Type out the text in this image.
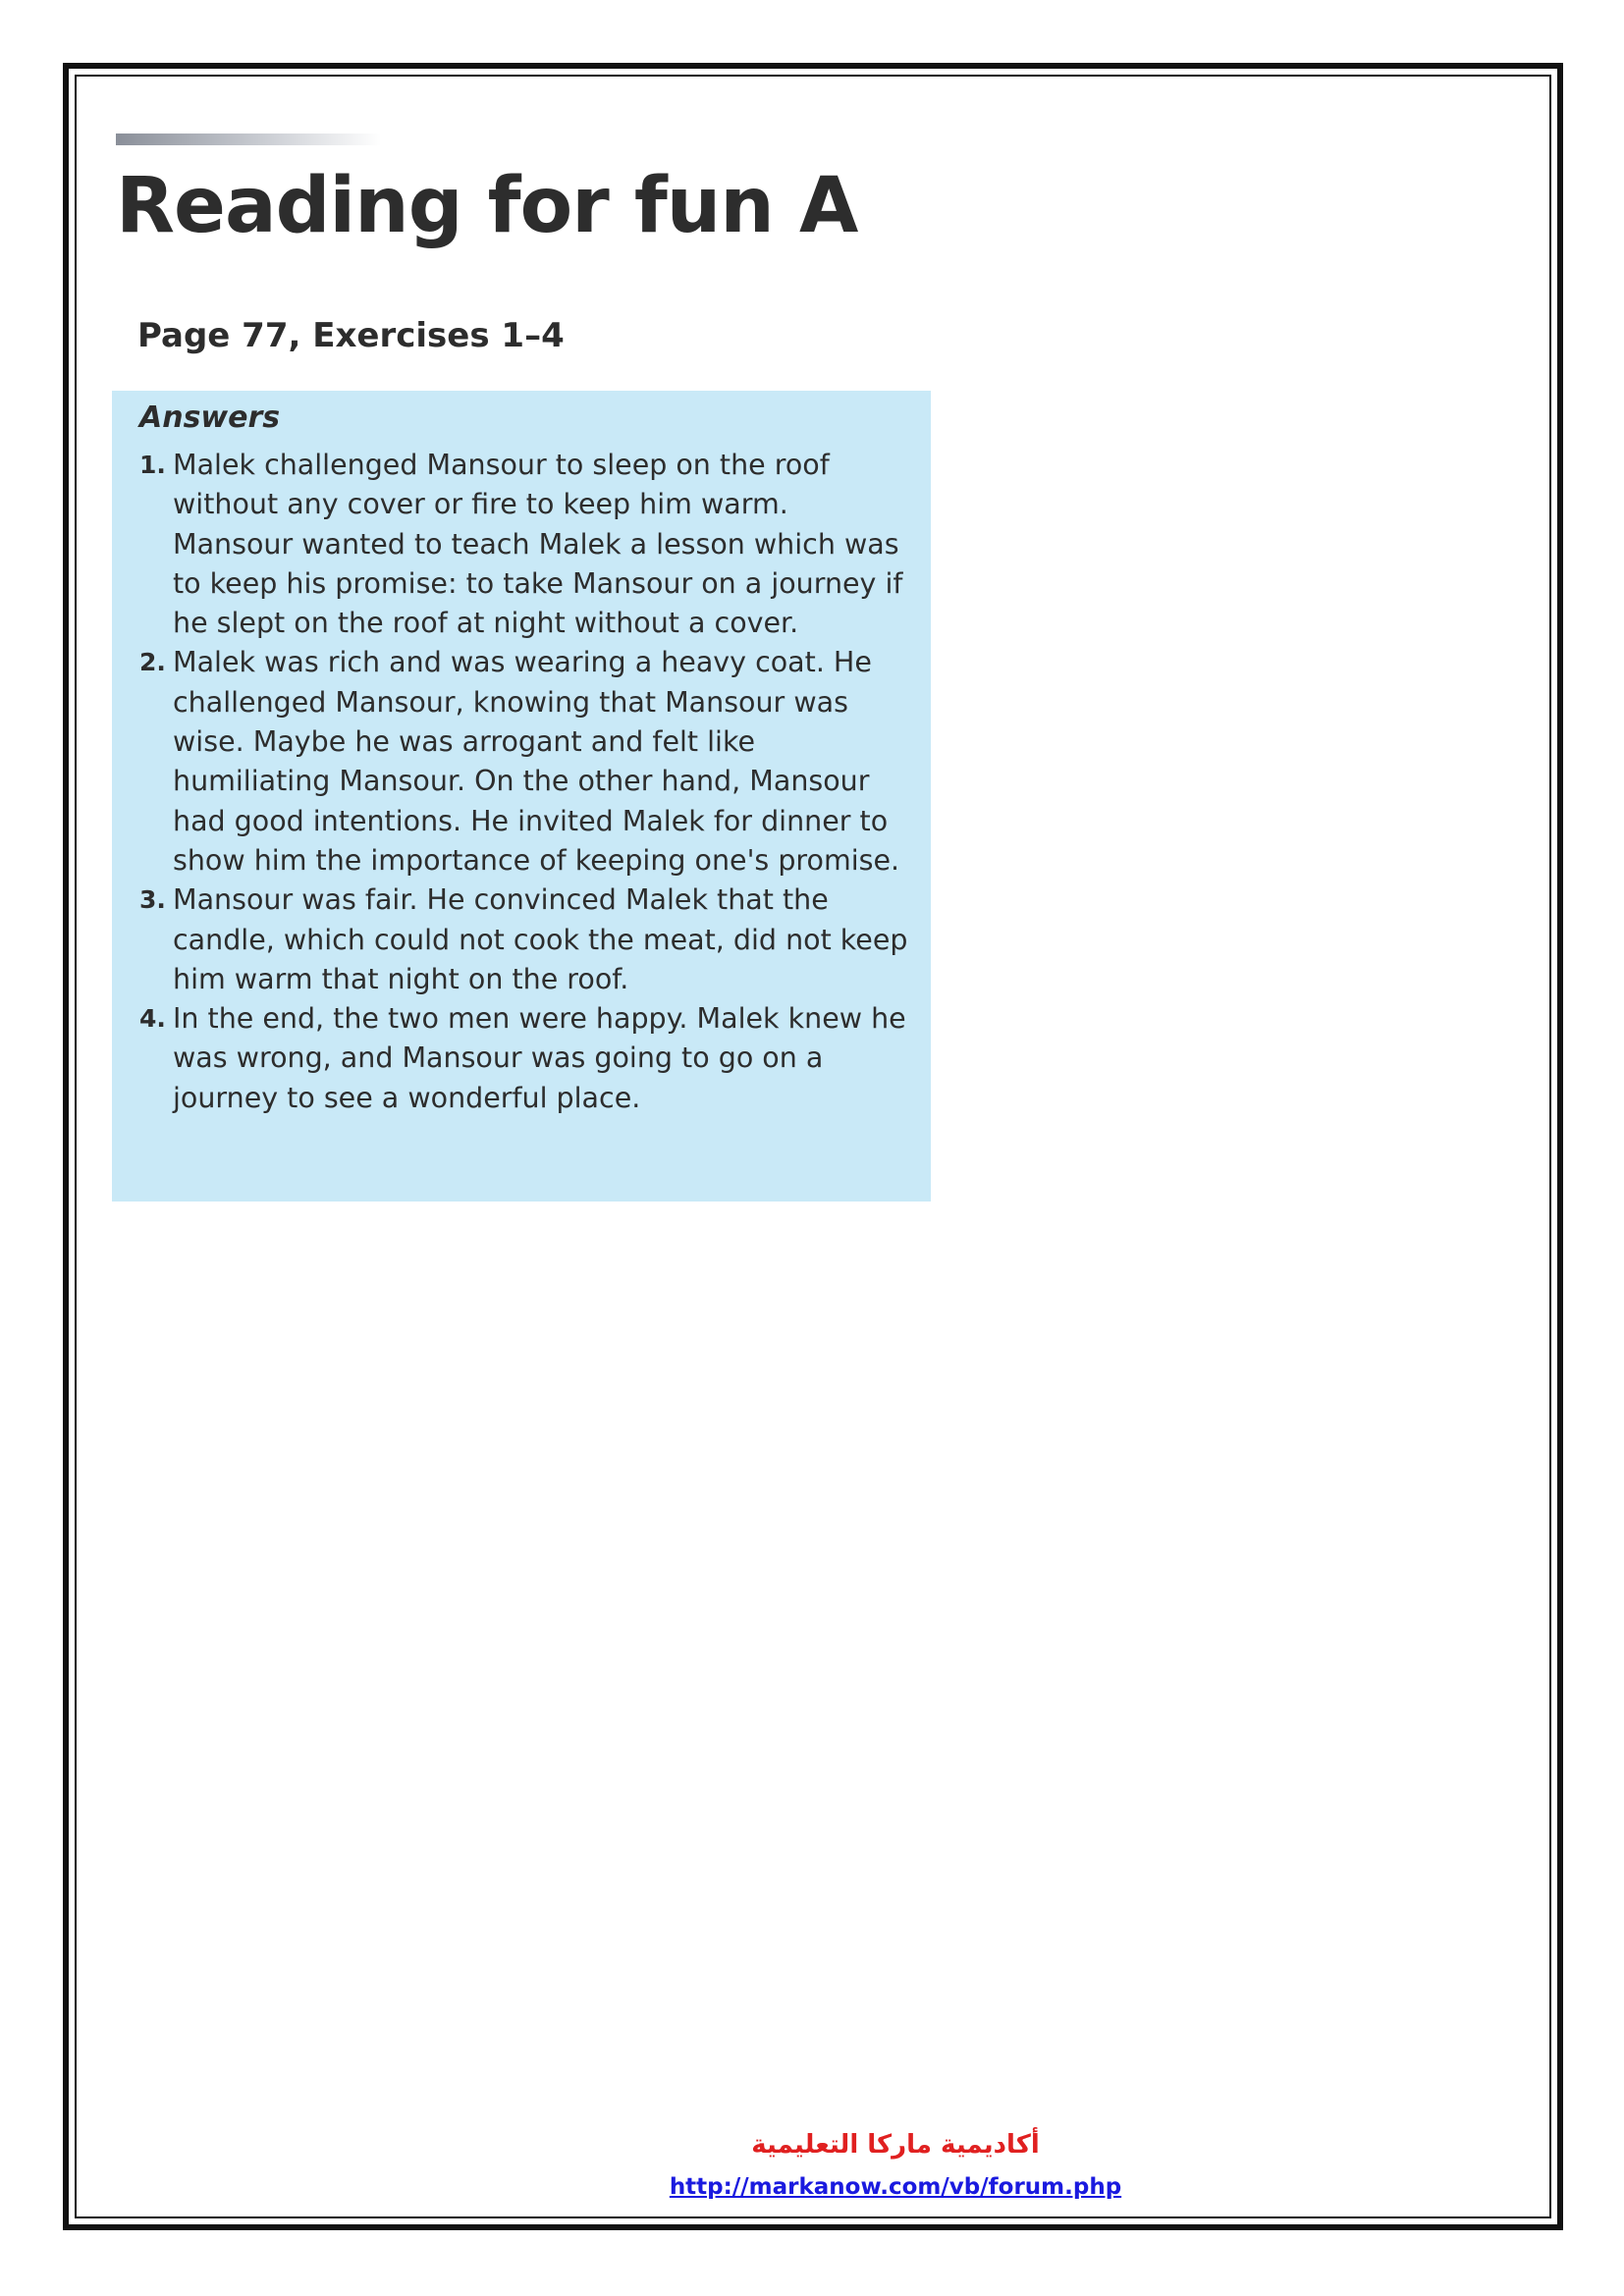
Reading for fun A
Page 77, Exercises 1–4
Answers
1. Malek challenged Mansour to sleep on the roof without any cover or fire to keep him warm. Mansour wanted to teach Malek a lesson which was to keep his promise: to take Mansour on a journey if he slept on the roof at night without a cover.
2. Malek was rich and was wearing a heavy coat. He challenged Mansour, knowing that Mansour was wise. Maybe he was arrogant and felt like humiliating Mansour. On the other hand, Mansour had good intentions. He invited Malek for dinner to show him the importance of keeping one's promise.
3. Mansour was fair. He convinced Malek that the candle, which could not cook the meat, did not keep him warm that night on the roof.
4. In the end, the two men were happy. Malek knew he was wrong, and Mansour was going to go on a journey to see a wonderful place.

أكاديمية ماركا التعليمية

http://markanow.com/vb/forum.php
